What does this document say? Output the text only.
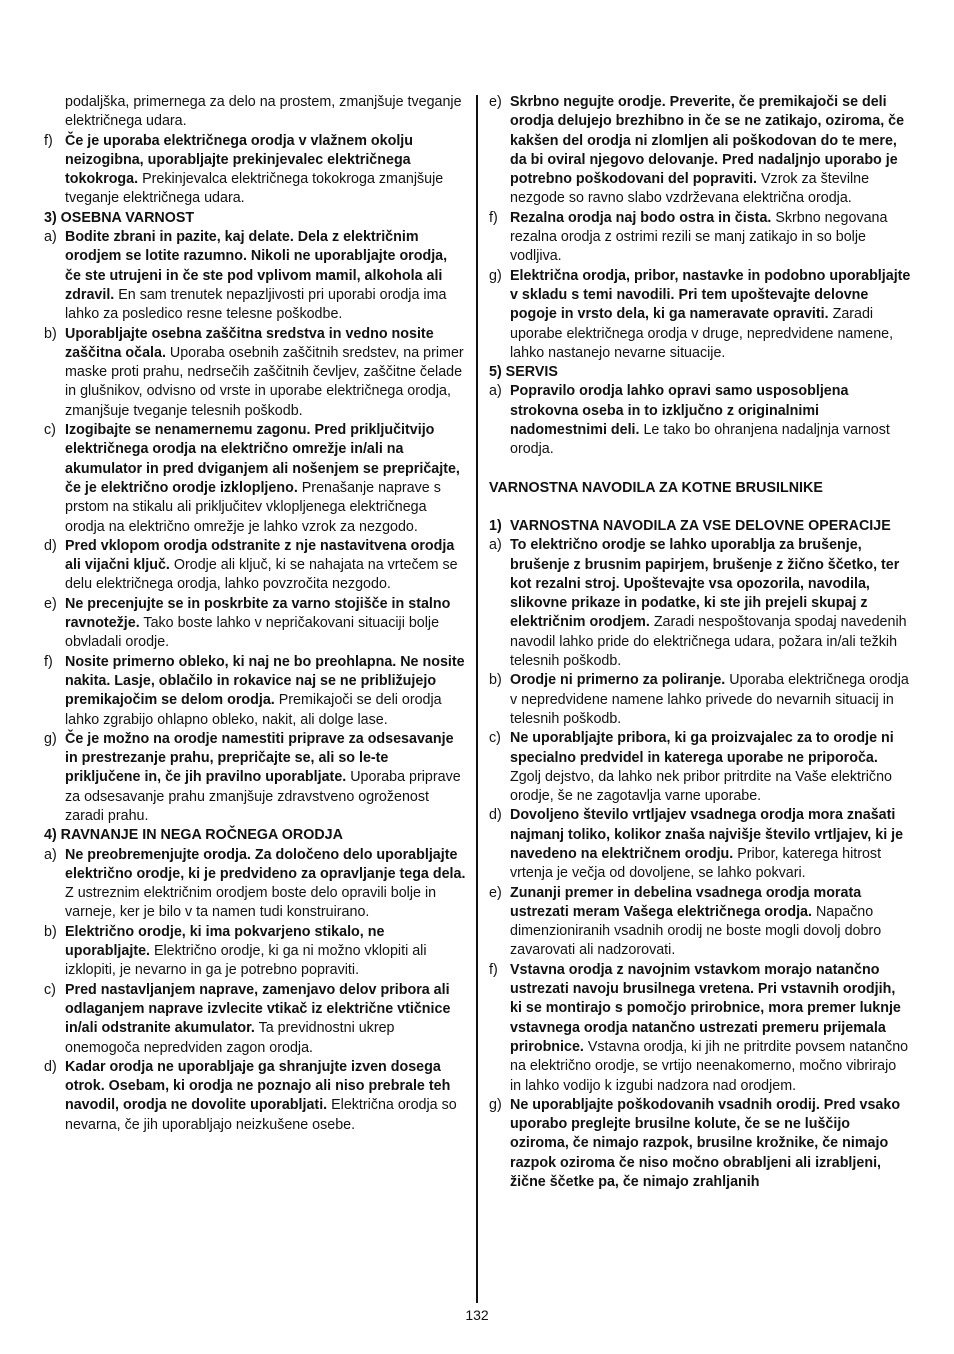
podaljška, primernega za delo na prostem, zmanjšuje tveganje električnega udara.

f) Če je uporaba električnega orodja v vlažnem okolju neizogibna, uporabljajte prekinjevalec električnega tokokroga. Prekinjevalca električnega tokokroga zmanjšuje tveganje električnega udara.

3) OSEBNA VARNOST

a) Bodite zbrani in pazite, kaj delate. Dela z električnim orodjem se lotite razumno. Nikoli ne uporabljajte orodja, če ste utrujeni in če ste pod vplivom mamil, alkohola ali zdravil. En sam trenutek nepazljivosti pri uporabi orodja ima lahko za posledico resne telesne poškodbe.

b) Uporabljajte osebna zaščitna sredstva in vedno nosite zaščitna očala. Uporaba osebnih zaščitnih sredstev, na primer maske proti prahu, nedrsečih zaščitnih čevljev, zaščitne čelade in glušnikov, odvisno od vrste in uporabe električnega orodja, zmanjšuje tveganje telesnih poškodb.

c) Izogibajte se nenamernemu zagonu. Pred priključitvijo električnega orodja na električno omrežje in/ali na akumulator in pred dviganjem ali nošenjem se prepričajte, če je električno orodje izklopljeno. Prenašanje naprave s prstom na stikalu ali priključitev vklopljenega električnega orodja na električno omrežje je lahko vzrok za nezgodo.

d) Pred vklopom orodja odstranite z nje nastavitvena orodja ali vijačni ključ. Orodje ali ključ, ki se nahajata na vrtečem se delu električnega orodja, lahko povzročita nezgodo.

e) Ne precenjujte se in poskrbite za varno stojišče in stalno ravnotežje. Tako boste lahko v nepričakovani situaciji bolje obvladali orodje.

f) Nosite primerno obleko, ki naj ne bo preohlapna. Ne nosite nakita. Lasje, oblačilo in rokavice naj se ne približujejo premikajočim se delom orodja. Premikajoči se deli orodja lahko zgrabijo ohlapno obleko, nakit, ali dolge lase.

g) Če je možno na orodje namestiti priprave za odsesavanje in prestrezanje prahu, prepričajte se, ali so le-te priključene in, če jih pravilno uporabljate. Uporaba priprave za odsesavanje prahu zmanjšuje zdravstveno ogroženost zaradi prahu.

4) RAVNANJE IN NEGA ROČNEGA ORODJA

a) Ne preobremenjujte orodja. Za določeno delo uporabljajte električno orodje, ki je predvideno za opravljanje tega dela. Z ustreznim električnim orodjem boste delo opravili bolje in varneje, ker je bilo v ta namen tudi konstruirano.

b) Električno orodje, ki ima pokvarjeno stikalo, ne uporabljajte. Električno orodje, ki ga ni možno vklopiti ali izklopiti, je nevarno in ga je potrebno popraviti.

c) Pred nastavljanjem naprave, zamenjavo delov pribora ali odlaganjem naprave izvlecite vtikač iz električne vtičnice in/ali odstranite akumulator. Ta previdnostni ukrep onemogoča nepredviden zagon orodja.

d) Kadar orodja ne uporabljaje ga shranjujte izven dosega otrok. Osebam, ki orodja ne poznajo ali niso prebrale teh navodil, orodja ne dovolite uporabljati. Električna orodja so nevarna, če jih uporabljajo neizkušene osebe.

e) Skrbno negujte orodje. Preverite, če premikajoči se deli orodja delujejo brezhibno in če se ne zatikajo, oziroma, če kakšen del orodja ni zlomljen ali poškodovan do te mere, da bi oviral njegovo delovanje. Pred nadaljnjo uporabo je potrebno poškodovani del popraviti. Vzrok za številne nezgode so ravno slabo vzdrževana električna orodja.

f) Rezalna orodja naj bodo ostra in čista. Skrbno negovana rezalna orodja z ostrimi rezili se manj zatikajo in so bolje vodljiva.

g) Električna orodja, pribor, nastavke in podobno uporabljajte v skladu s temi navodili. Pri tem upoštevajte delovne pogoje in vrsto dela, ki ga nameravate opraviti. Zaradi uporabe električnega orodja v druge, nepredvidene namene, lahko nastanejo nevarne situacije.

5) SERVIS

a) Popravilo orodja lahko opravi samo usposobljena strokovna oseba in to izključno z originalnimi nadomestnimi deli. Le tako bo ohranjena nadaljnja varnost orodja.

VARNOSTNA NAVODILA ZA KOTNE BRUSILNIKE

1) VARNOSTNA NAVODILA ZA VSE DELOVNE OPERACIJE

a) To električno orodje se lahko uporablja za brušenje, brušenje z brusnim papirjem, brušenje z žično ščetko, ter kot rezalni stroj. Upoštevajte vsa opozorila, navodila, slikovne prikaze in podatke, ki ste jih prejeli skupaj z električnim orodjem. Zaradi nespoštovanja spodaj navedenih navodil lahko pride do električnega udara, požara in/ali težkih telesnih poškodb.

b) Orodje ni primerno za poliranje. Uporaba električnega orodja v nepredvidene namene lahko privede do nevarnih situacij in telesnih poškodb.

c) Ne uporabljajte pribora, ki ga proizvajalec za to orodje ni specialno predvidel in katerega uporabe ne priporoča. Zgolj dejstvo, da lahko nek pribor pritrdite na Vaše električno orodje, še ne zagotavlja varne uporabe.

d) Dovoljeno število vrtljajev vsadnega orodja mora znašati najmanj toliko, kolikor znaša najvišje število vrtljajev, ki je navedeno na električnem orodju. Pribor, katerega hitrost vrtenja je večja od dovoljene, se lahko pokvari.

e) Zunanji premer in debelina vsadnega orodja morata ustrezati meram Vašega električnega orodja. Napačno dimenzioniranih vsadnih orodij ne boste mogli dovolj dobro zavarovati ali nadzorovati.

f) Vstavna orodja z navojnim vstavkom morajo natančno ustrezati navoju brusilnega vretena. Pri vstavnih orodjih, ki se montirajo s pomočjo prirobnice, mora premer luknje vstavnega orodja natančno ustrezati premeru prijemala prirobnice. Vstavna orodja, ki jih ne pritrdite povsem natančno na električno orodje, se vrtijo neenakomerno, močno vibrirajo in lahko vodijo k izgubi nadzora nad orodjem.

g) Ne uporabljajte poškodovanih vsadnih orodij. Pred vsako uporabo preglejte brusilne kolute, če se ne luščijo oziroma, če nimajo razpok, brusilne krožnike, če nimajo razpok oziroma če niso močno obrabljeni ali izrabljeni, žične ščetke pa, če nimajo zrahljanih

132
